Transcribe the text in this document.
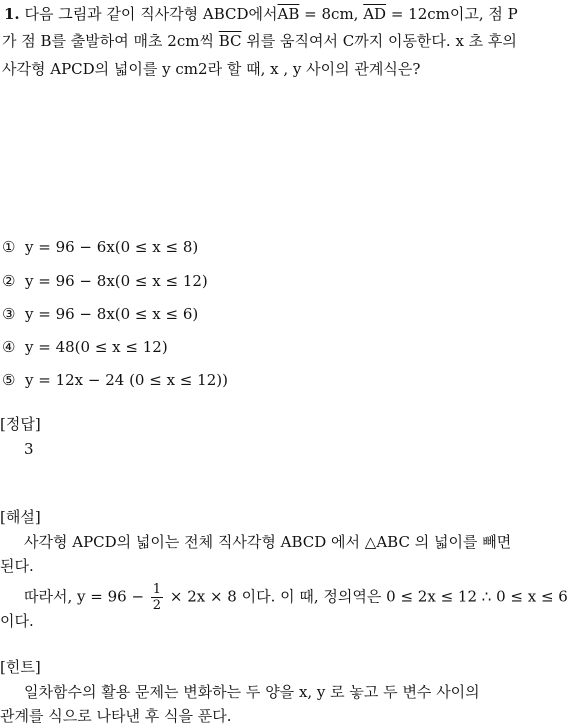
1. 다음 그림과 같이 직사각형 ABCD에서$\overline{AB} = 8cm$, $\overline{AD} = 12cm$이고, 점 P
가 점 B를 출발하여 매초 2cm씩 $\overline{BC}$ 위를 움직여서 C까지 이동한다. x 초 후의
사각형 APCD의 넓이를 y cm2라 할 때, x , y 사이의 관계식은?
① y = 96 − 6x(0 ≤ x ≤ 8)
② y = 96 − 8x(0 ≤ x ≤ 12)
③ y = 96 − 8x(0 ≤ x ≤ 6)
④ y = 48(0 ≤ x ≤ 12)
⑤ y = 12x − 24 (0 ≤ x ≤ 12))
[정답]
3
[해설]
사각형 APCD의 넓이는 전체 직사각형 ABCD 에서 △ABC 의 넓이를 빼면
된다.
따라서, $y = 96 - \frac{1}{2} \times 2x \times 8$ 이다. 이 때, 정의역은 0 ≤ 2x ≤ 12 ∴ 0 ≤ x ≤ 6
이다.
[힌트]
일차함수의 활용 문제는 변화하는 두 양을 x, y 로 놓고 두 변수 사이의
관계를 식으로 나타낸 후 식을 푼다.
